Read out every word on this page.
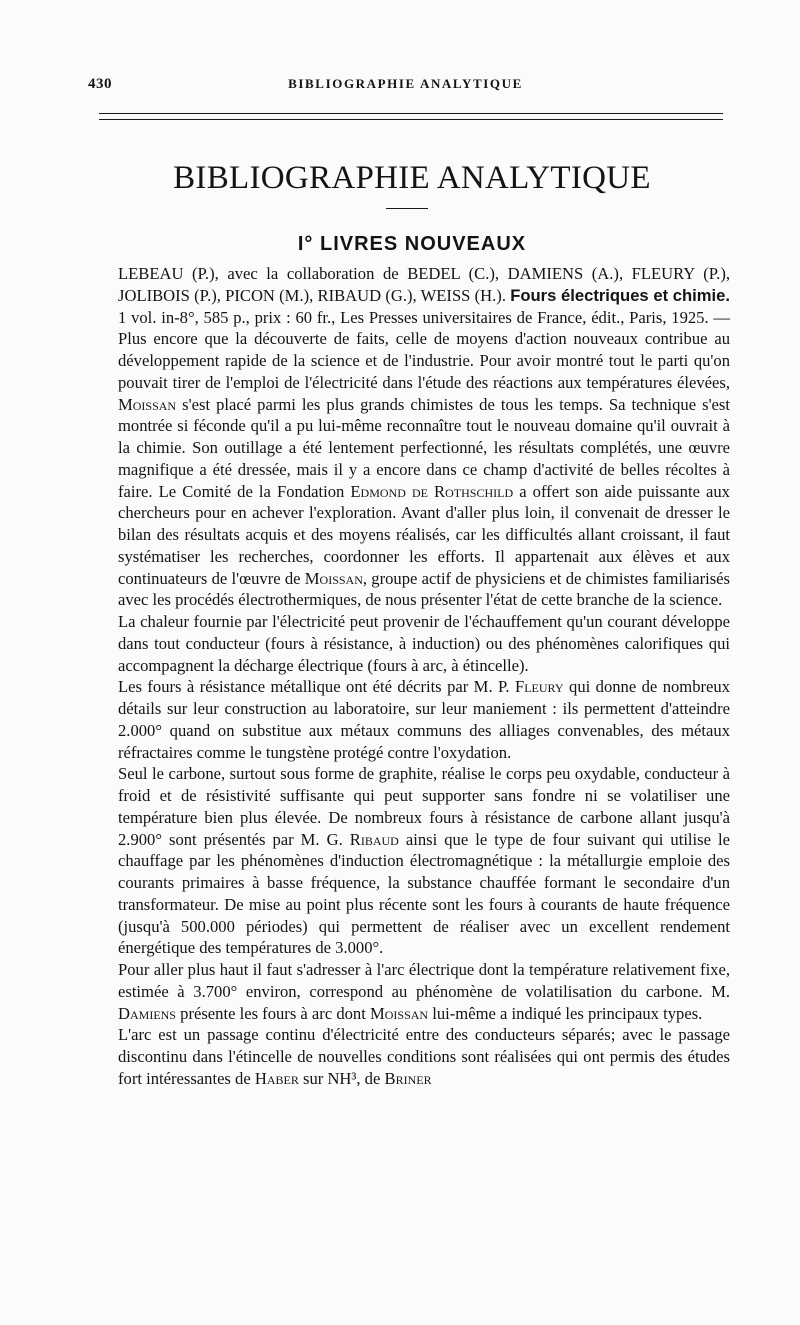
430	BIBLIOGRAPHIE ANALYTIQUE
BIBLIOGRAPHIE ANALYTIQUE
I° LIVRES NOUVEAUX

LEBEAU (P.), avec la collaboration de BEDEL (C.), DAMIENS (A.), FLEURY (P.), JOLIBOIS (P.), PICON (M.), RIBAUD (G.), WEISS (H.). Fours électriques et chimie. 1 vol. in-8°, 585 p., prix : 60 fr., Les Presses universitaires de France, édit., Paris, 1925. — Plus encore que la découverte de faits, celle de moyens d'action nouveaux contribue au développement rapide de la science et de l'industrie. Pour avoir montré tout le parti qu'on pouvait tirer de l'emploi de l'électricité dans l'étude des réactions aux températures élevées, Moissan s'est placé parmi les plus grands chimistes de tous les temps. Sa technique s'est montrée si féconde qu'il a pu lui-même reconnaître tout le nouveau domaine qu'il ouvrait à la chimie. Son outillage a été lentement perfectionné, les résultats complétés, une œuvre magnifique a été dressée, mais il y a encore dans ce champ d'activité de belles récoltes à faire. Le Comité de la Fondation Edmond de Rothschild a offert son aide puissante aux chercheurs pour en achever l'exploration. Avant d'aller plus loin, il convenait de dresser le bilan des résultats acquis et des moyens réalisés, car les difficultés allant croissant, il faut systématiser les recherches, coordonner les efforts. Il appartenait aux élèves et aux continuateurs de l'œuvre de Moissan, groupe actif de physiciens et de chimistes familiarisés avec les procédés électrothermiques, de nous présenter l'état de cette branche de la science.

La chaleur fournie par l'électricité peut provenir de l'échauffement qu'un courant développe dans tout conducteur (fours à résistance, à induction) ou des phénomènes calorifiques qui accompagnent la décharge électrique (fours à arc, à étincelle).

Les fours à résistance métallique ont été décrits par M. P. Fleury qui donne de nombreux détails sur leur construction au laboratoire, sur leur maniement : ils permettent d'atteindre 2.000° quand on substitue aux métaux communs des alliages convenables, des métaux réfractaires comme le tungstène protégé contre l'oxydation.

Seul le carbone, surtout sous forme de graphite, réalise le corps peu oxydable, conducteur à froid et de résistivité suffisante qui peut supporter sans fondre ni se volatiliser une température bien plus élevée. De nombreux fours à résistance de carbone allant jusqu'à 2.900° sont présentés par M. G. Ribaud ainsi que le type de four suivant qui utilise le chauffage par les phénomènes d'induction électromagnétique : la métallurgie emploie des courants primaires à basse fréquence, la substance chauffée formant le secondaire d'un transformateur. De mise au point plus récente sont les fours à courants de haute fréquence (jusqu'à 500.000 périodes) qui permettent de réaliser avec un excellent rendement énergétique des températures de 3.000°.

Pour aller plus haut il faut s'adresser à l'arc électrique dont la température relativement fixe, estimée à 3.700° environ, correspond au phénomène de volatilisation du carbone. M. Damiens présente les fours à arc dont Moissan lui-même a indiqué les principaux types.

L'arc est un passage continu d'électricité entre des conducteurs séparés; avec le passage discontinu dans l'étincelle de nouvelles conditions sont réalisées qui ont permis des études fort intéressantes de Haber sur NH³, de Briner
